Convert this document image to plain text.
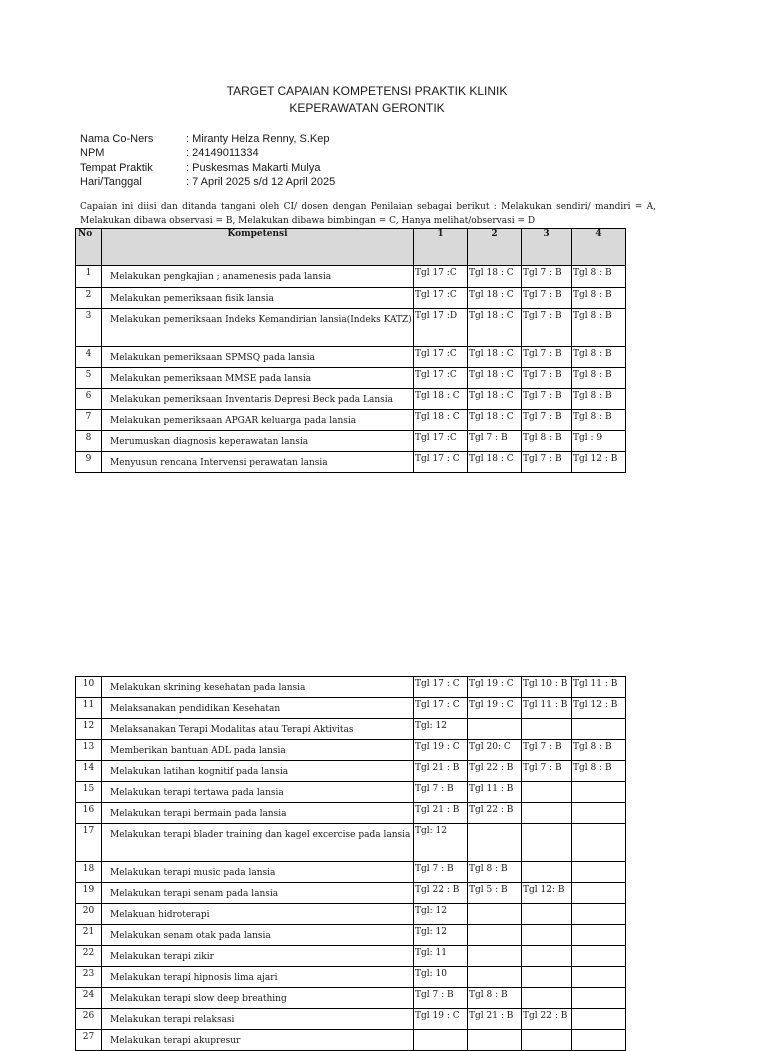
TARGET CAPAIAN KOMPETENSI PRAKTIK KLINIK
KEPERAWATAN GERONTIK
Nama Co-Ners	: Miranty Helza Renny, S.Kep
NPM	: 24149011334
Tempat Praktik	: Puskesmas Makarti Mulya
Hari/Tanggal	: 7 April 2025 s/d 12 April 2025
Capaian ini diisi dan ditanda tangani oleh CI/ dosen dengan Penilaian sebagai berikut : Melakukan sendiri/ mandiri = A, Melakukan dibawa observasi = B, Melakukan dibawa bimbingan = C, Hanya melihat/observasi = D
No	Kompetensi	1	2	3	4
1	Melakukan pengkajian ; anamenesis pada lansia	Tgl 17 :C	Tgl 18 : C	Tgl 7 : B	Tgl 8 : B
2	Melakukan pemeriksaan fisik lansia	Tgl 17 :C	Tgl 18 : C	Tgl 7 : B	Tgl 8 : B
3	Melakukan pemeriksaan Indeks Kemandirian lansia(Indeks KATZ)	Tgl 17 :D	Tgl 18 : C	Tgl 7 : B	Tgl 8 : B
4	Melakukan pemeriksaan SPMSQ pada lansia	Tgl 17 :C	Tgl 18 : C	Tgl 7 : B	Tgl 8 : B
5	Melakukan pemeriksaan MMSE pada lansia	Tgl 17 :C	Tgl 18 : C	Tgl 7 : B	Tgl 8 : B
6	Melakukan pemeriksaan Inventaris Depresi Beck pada Lansia	Tgl 18 : C	Tgl 18 : C	Tgl 7 : B	Tgl 8 : B
7	Melakukan pemeriksaan APGAR keluarga pada lansia	Tgl 18 : C	Tgl 18 : C	Tgl 7 : B	Tgl 8 : B
8	Merumuskan diagnosis keperawatan lansia	Tgl 17 :C	Tgl 7 : B	Tgl 8 : B	Tgl : 9
9	Menyusun rencana Intervensi perawatan lansia	Tgl 17 : C	Tgl 18 : C	Tgl 7 : B	Tgl 12 : B
10	Melakukan skrining kesehatan pada lansia	Tgl 17 : C	Tgl 19 : C	Tgl 10 : B	Tgl 11 : B
11	Melaksanakan pendidikan Kesehatan	Tgl 17 : C	Tgl 19 : C	Tgl 11 : B	Tgl 12 : B
12	Melaksanakan Terapi Modalitas atau Terapi Aktivitas	Tgl: 12			
13	Memberikan bantuan ADL pada lansia	Tgl 19 : C	Tgl 20: C	Tgl 7 : B	Tgl 8 : B
14	Melakukan latihan kognitif pada lansia	Tgl 21 : B	Tgl 22 : B	Tgl 7 : B	Tgl 8 : B
15	Melakukan terapi tertawa pada lansia	Tgl 7 : B	Tgl 11 : B		
16	Melakukan terapi bermain pada lansia	Tgl 21 : B	Tgl 22 : B		
17	Melakukan terapi blader training dan kagel excercise pada lansia	Tgl: 12			
18	Melakukan terapi music pada lansia	Tgl 7 : B	Tgl 8 : B		
19	Melakukan terapi senam pada lansia	Tgl 22 : B	Tgl 5 : B	Tgl 12: B	
20	Melakuan hidroterapi	Tgl: 12			
21	Melakukan senam otak pada lansia	Tgl: 12			
22	Melakukan terapi zikir	Tgl: 11			
23	Melakukan terapi hipnosis lima ajari	Tgl: 10			
24	Melakukan terapi slow deep breathing	Tgl 7 : B	Tgl 8 : B		
26	Melakukan terapi relaksasi	Tgl 19 : C	Tgl 21 : B	Tgl 22 : B	
27	Melakukan terapi akupresur				
